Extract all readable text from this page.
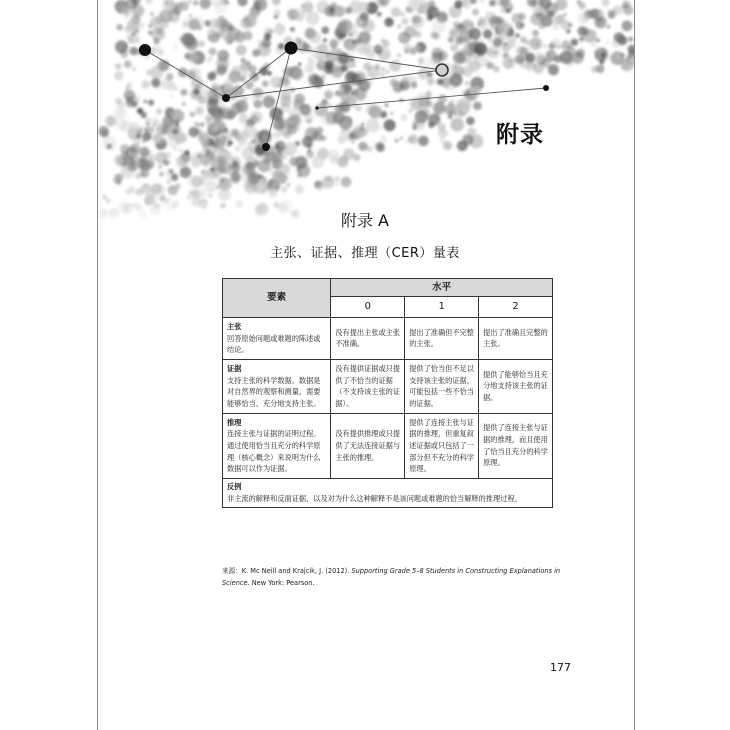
附录
附录 A
主张、证据、推理（CER）量表
要素	水平		
	0	1	2

主张
回答原始问题或难题的陈述或结论。	没有提出主张或主张不准确。	提出了准确但不完整的主张。	提出了准确且完整的主张。

证据
支持主张的科学数据。数据是对自然界的观察和测量，需要能够恰当、充分地支持主张。	没有提供证据或只提供了不恰当的证据（不支持该主张的证据）。	提供了恰当但不足以支持该主张的证据，可能包括一些不恰当的证据。	提供了能够恰当且充分地支持该主张的证据。

推理
连接主张与证据的证明过程。通过使用恰当且充分的科学原理（核心概念）来说明为什么数据可以作为证据。	没有提供推理或只提供了无法连接证据与主张的推理。	提供了连接主张与证据的推理，但重复叙述证据或只包括了一部分但不充分的科学原理。	提供了连接主张与证据的推理，而且使用了恰当且充分的科学原理。

反例
非主流的解释和反面证据，以及对为什么这种解释不是该问题或难题的恰当解释的推理过程。			
来源：K. Mc Neill and Krajcik, J. (2012). Supporting Grade 5–8 Students in Constructing Explanations in Science. New York: Pearson.
177
